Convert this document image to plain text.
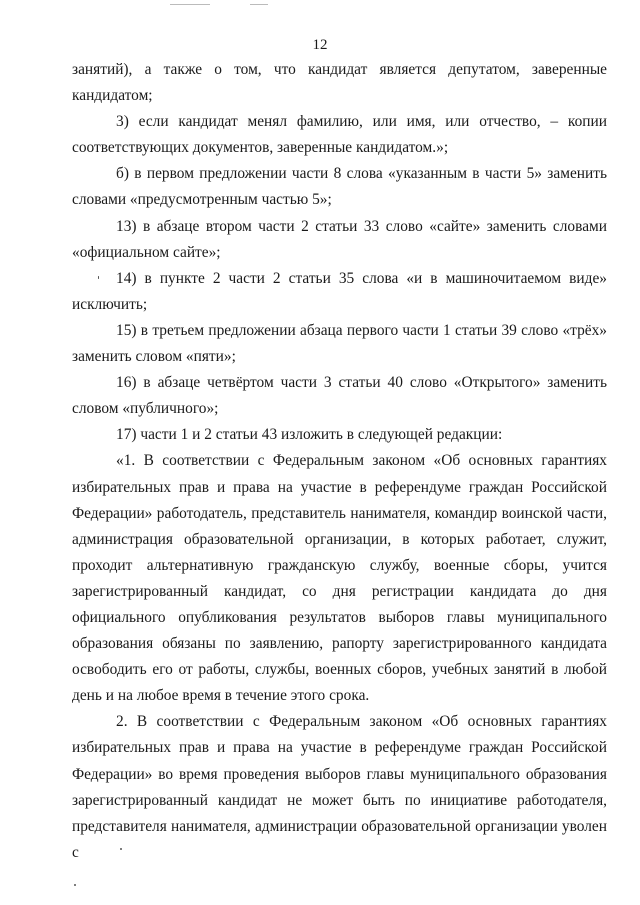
12

занятий), а также о том, что кандидат является депутатом, заверенные кандидатом;

3) если кандидат менял фамилию, или имя, или отчество, – копии соответствующих документов, заверенные кандидатом.»;

б) в первом предложении части 8 слова «указанным в части 5» заменить словами «предусмотренным частью 5»;

13) в абзаце втором части 2 статьи 33 слово «сайте» заменить словами «официальном сайте»;

14) в пункте 2 части 2 статьи 35 слова «и в машиночитаемом виде» исключить;

15) в третьем предложении абзаца первого части 1 статьи 39 слово «трёх» заменить словом «пяти»;

16) в абзаце четвёртом части 3 статьи 40 слово «Открытого» заменить словом «публичного»;

17) части 1 и 2 статьи 43 изложить в следующей редакции:

«1. В соответствии с Федеральным законом «Об основных гарантиях избирательных прав и права на участие в референдуме граждан Российской Федерации» работодатель, представитель нанимателя, командир воинской части, администрация образовательной организации, в которых работает, служит, проходит альтернативную гражданскую службу, военные сборы, учится зарегистрированный кандидат, со дня регистрации кандидата до дня официального опубликования результатов выборов главы муниципального образования обязаны по заявлению, рапорту зарегистрированного кандидата освободить его от работы, службы, военных сборов, учебных занятий в любой день и на любое время в течение этого срока.

2. В соответствии с Федеральным законом «Об основных гарантиях избирательных прав и права на участие в референдуме граждан Российской Федерации» во время проведения выборов главы муниципального образования зарегистрированный кандидат не может быть по инициативе работодателя, представителя нанимателя, администрации образовательной организации уволен с
